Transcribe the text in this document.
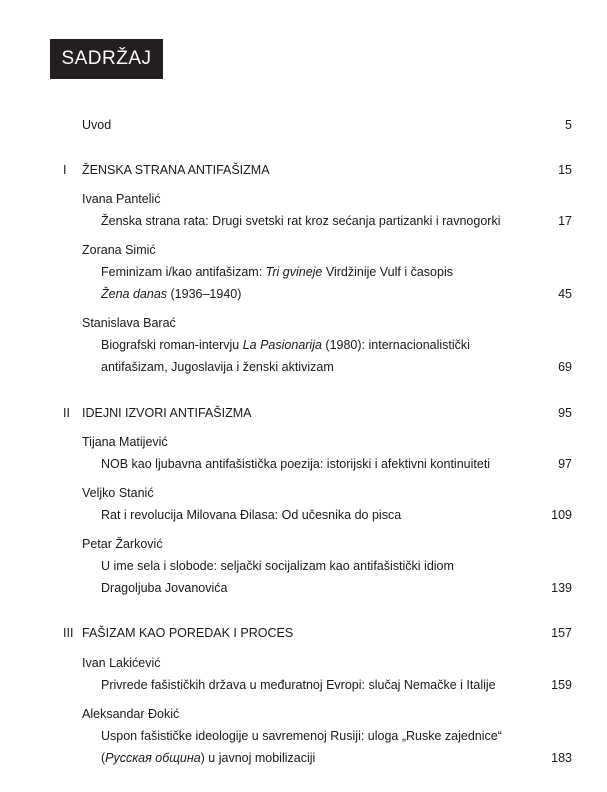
SADRŽAJ
Uvod	5
I ŽENSKA STRANA ANTIFAŠIZMA	15
Ivana Pantelić
Ženska strana rata: Drugi svetski rat kroz sećanja partizanki i ravnogorki	17
Zorana Simić
Feminizam i/kao antifašizam: Tri gvineje Virdžinije Vulf i časopis
Žena danas (1936–1940)	45
Stanislava Barać
Biografski roman-intervju La Pasionarija (1980): internacionalistički
antifašizam, Jugoslavija i ženski aktivizam	69
II IDEJNI IZVORI ANTIFAŠIZMA	95
Tijana Matijević
NOB kao ljubavna antifašistička poezija: istorijski i afektivni kontinuiteti	97
Veljko Stanić
Rat i revolucija Milovana Đilasa: Od učesnika do pisca	109
Petar Žarković
U ime sela i slobode: seljački socijalizam kao antifašistički idiom
Dragoljuba Jovanovića	139
III FAŠIZAM KAO POREDAK I PROCES	157
Ivan Lakićević
Privrede fašističkih država u međuratnoj Evropi: slučaj Nemačke i Italije	159
Aleksandar Đokić
Uspon fašističke ideologije u savremenoj Rusiji: uloga „Ruske zajednice“
(Русская община) u javnoj mobilizaciji	183
